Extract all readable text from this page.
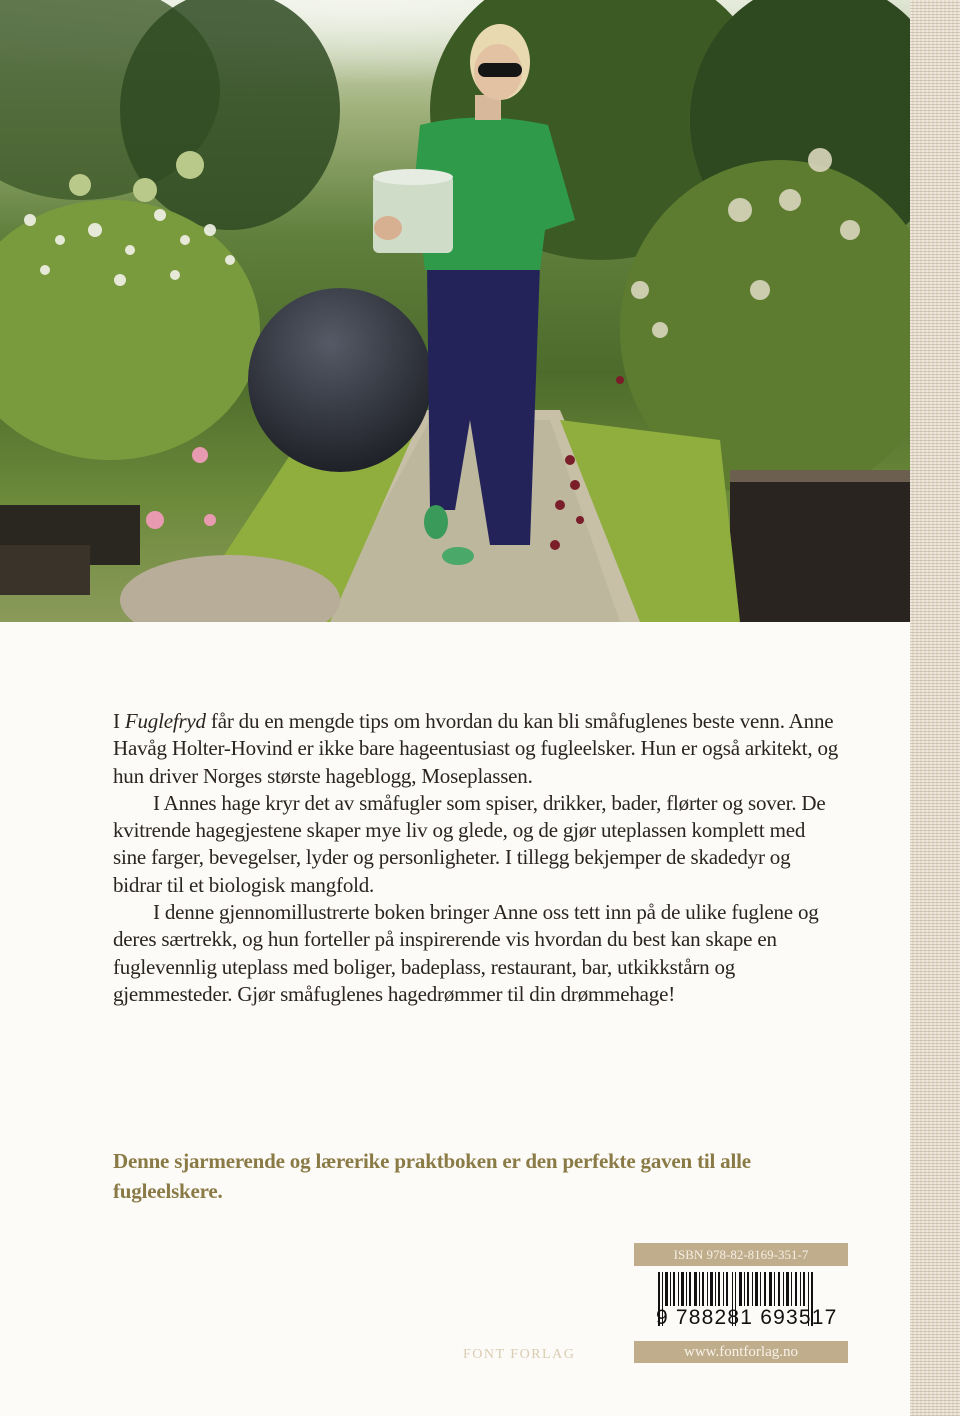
I Fuglefryd får du en mengde tips om hvordan du kan bli småfuglenes beste venn. Anne Havåg Holter-Hovind er ikke bare hageentusiast og fugleelsker. Hun er også arkitekt, og hun driver Norges største hageblogg, Moseplassen.

I Annes hage kryr det av småfugler som spiser, drikker, bader, flørter og sover. De kvitrende hagegjestene skaper mye liv og glede, og de gjør uteplassen komplett med sine farger, bevegelser, lyder og personligheter. I tillegg bekjemper de skadedyr og bidrar til et biologisk mangfold.

I denne gjennomillustrerte boken bringer Anne oss tett inn på de ulike fuglene og deres særtrekk, og hun forteller på inspirerende vis hvordan du best kan skape en fuglevennlig uteplass med boliger, badeplass, restaurant, bar, utkikkstårn og gjemmesteder. Gjør småfuglenes hagedrømmer til din drømmehage!

Denne sjarmerende og lærerike praktboken er den perfekte gaven til alle fugleelskere.
ISBN 978-82-8169-351-7
9 788281 693517
FONT FORLAG	www.fontforlag.no
